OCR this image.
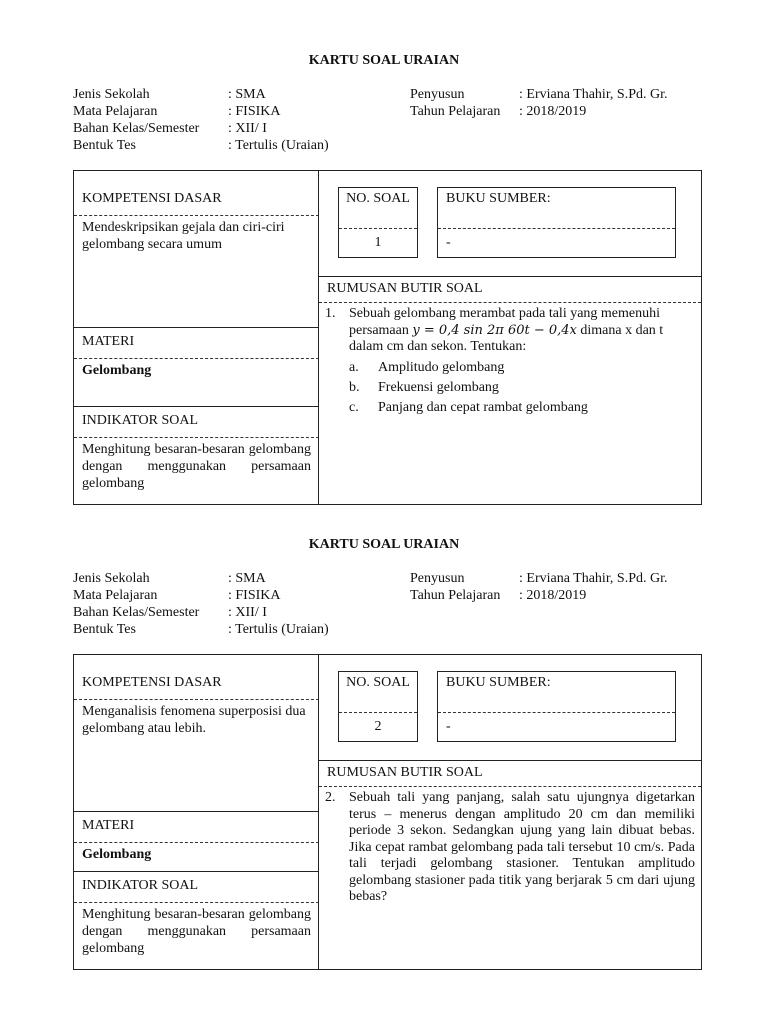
KARTU SOAL URAIAN
Jenis Sekolah	: SMA	Penyusun	: Erviana Thahir, S.Pd. Gr.
Mata Pelajaran	: FISIKA	Tahun Pelajaran : 2018/2019
Bahan Kelas/Semester : XII/ I
Bentuk Tes	: Tertulis (Uraian)
KOMPETENSI DASAR
Mendeskripsikan gejala dan ciri-ciri gelombang secara umum
MATERI
Gelombang
INDIKATOR SOAL
Menghitung besaran-besaran gelombang dengan menggunakan persamaan gelombang
NO. SOAL
1
BUKU SUMBER:
-
RUMUSAN BUTIR SOAL
1. Sebuah gelombang merambat pada tali yang memenuhi persamaan y = 0,4 sin 2π 60t − 0,4x dimana x dan t dalam cm dan sekon. Tentukan:
a. Amplitudo gelombang
b. Frekuensi gelombang
c. Panjang dan cepat rambat gelombang
KARTU SOAL URAIAN
Jenis Sekolah	: SMA	Penyusun	: Erviana Thahir, S.Pd. Gr.
Mata Pelajaran	: FISIKA	Tahun Pelajaran : 2018/2019
Bahan Kelas/Semester : XII/ I
Bentuk Tes	: Tertulis (Uraian)
KOMPETENSI DASAR
Menganalisis fenomena superposisi dua gelombang atau lebih.
MATERI
Gelombang
INDIKATOR SOAL
Menghitung besaran-besaran gelombang dengan menggunakan persamaan gelombang
NO. SOAL
2
BUKU SUMBER:
-
RUMUSAN BUTIR SOAL
2. Sebuah tali yang panjang, salah satu ujungnya digetarkan terus – menerus dengan amplitudo 20 cm dan memiliki periode 3 sekon. Sedangkan ujung yang lain dibuat bebas. Jika cepat rambat gelombang pada tali tersebut 10 cm/s. Pada tali terjadi gelombang stasioner. Tentukan amplitudo gelombang stasioner pada titik yang berjarak 5 cm dari ujung bebas?
